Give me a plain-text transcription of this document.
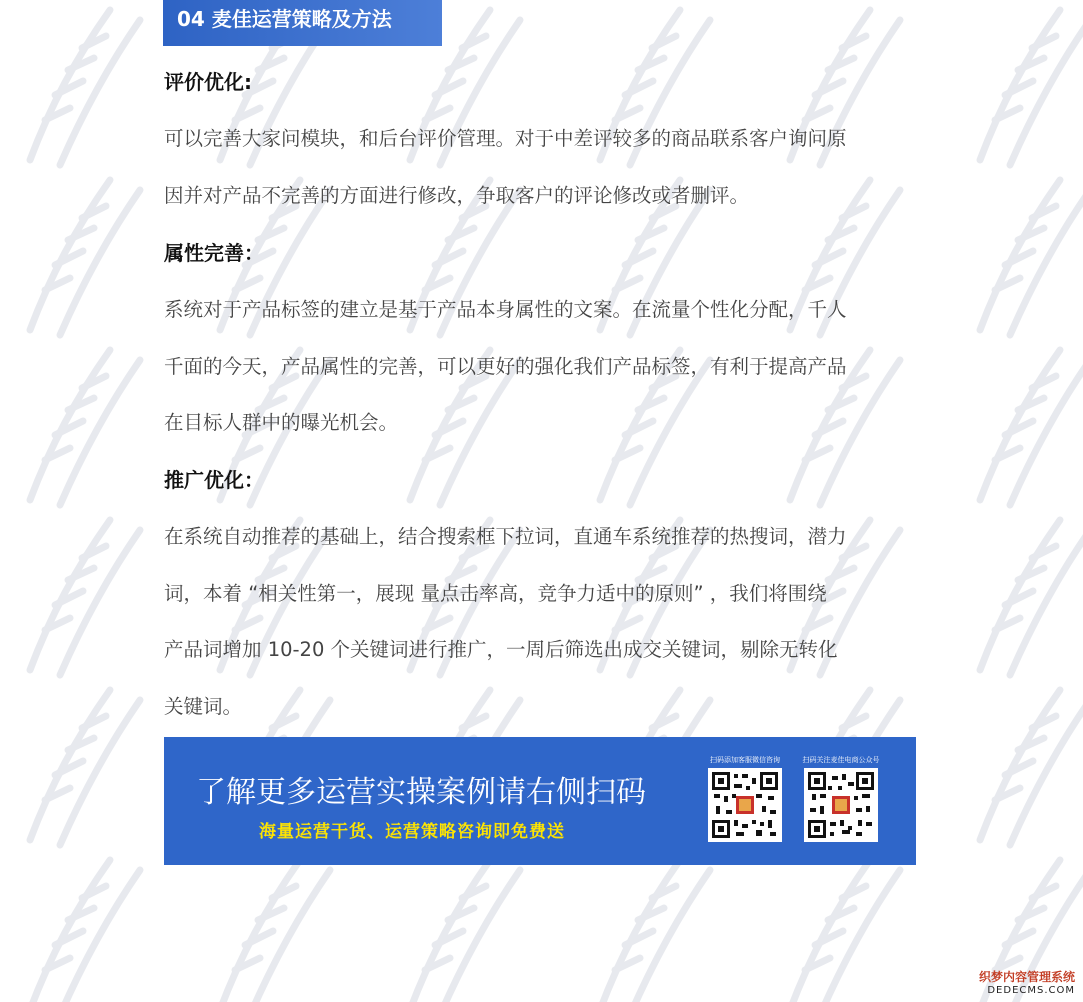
04 麦佳运营策略及方法
评价优化:
可以完善大家问模块，和后台评价管理。对于中差评较多的商品联系客户询问原
因并对产品不完善的方面进行修改，争取客户的评论修改或者删评。
属性完善：
系统对于产品标签的建立是基于产品本身属性的文案。在流量个性化分配，千人
千面的今天，产品属性的完善，可以更好的强化我们产品标签，有利于提高产品
在目标人群中的曝光机会。
推广优化：
在系统自动推荐的基础上，结合搜索框下拉词，直通车系统推荐的热搜词，潜力
词，本着 “相关性第一，展现 量点击率高，竞争力适中的原则” ，我们将围绕
产品词增加 10-20 个关键词进行推广，一周后筛选出成交关键词，剔除无转化
关键词。
了解更多运营实操案例请右侧扫码
海量运营干货、运营策略咨询即免费送
扫码添加客服微信咨询	扫码关注麦佳电商公众号
织梦内容管理系统
DEDECMS.COM
